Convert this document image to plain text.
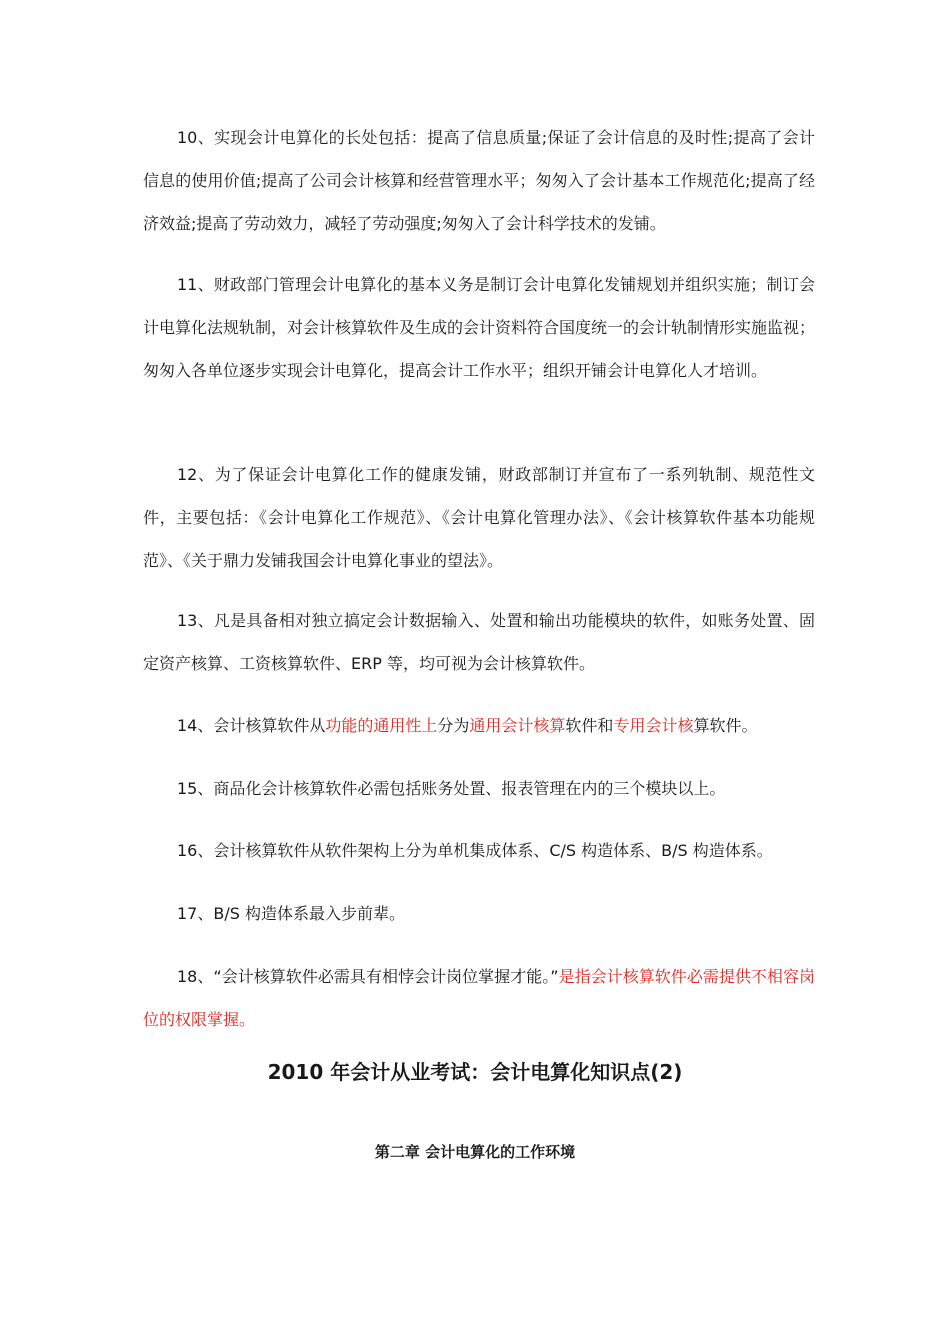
10、实现会计电算化的长处包括：提高了信息质量;保证了会计信息的及时性;提高了会计信息的使用价值;提高了公司会计核算和经营管理水平；匆匆入了会计基本工作规范化;提高了经济效益;提高了劳动效力，减轻了劳动强度;匆匆入了会计科学技术的发铺。

11、财政部门管理会计电算化的基本义务是制订会计电算化发铺规划并组织实施；制订会计电算化法规轨制，对会计核算软件及生成的会计资料符合国度统一的会计轨制情形实施监视；匆匆入各单位逐步实现会计电算化，提高会计工作水平；组织开铺会计电算化人才培训。

12、为了保证会计电算化工作的健康发铺，财政部制订并宣布了一系列轨制、规范性文件，主要包括：《会计电算化工作规范》、《会计电算化管理办法》、《会计核算软件基本功能规范》、《关于鼎力发铺我国会计电算化事业的望法》。

13、凡是具备相对独立搞定会计数据输入、处置和输出功能模块的软件，如账务处置、固定资产核算、工资核算软件、ERP 等，均可视为会计核算软件。

14、会计核算软件从功能的通用性上分为通用会计核算软件和专用会计核算软件。

15、商品化会计核算软件必需包括账务处置、报表管理在内的三个模块以上。

16、会计核算软件从软件架构上分为单机集成体系、C/S 构造体系、B/S 构造体系。

17、B/S 构造体系最入步前辈。

18、“会计核算软件必需具有相悖会计岗位掌握才能。”是指会计核算软件必需提供不相容岗位的权限掌握。

2010 年会计从业考试：会计电算化知识点(2)
第二章 会计电算化的工作环境
